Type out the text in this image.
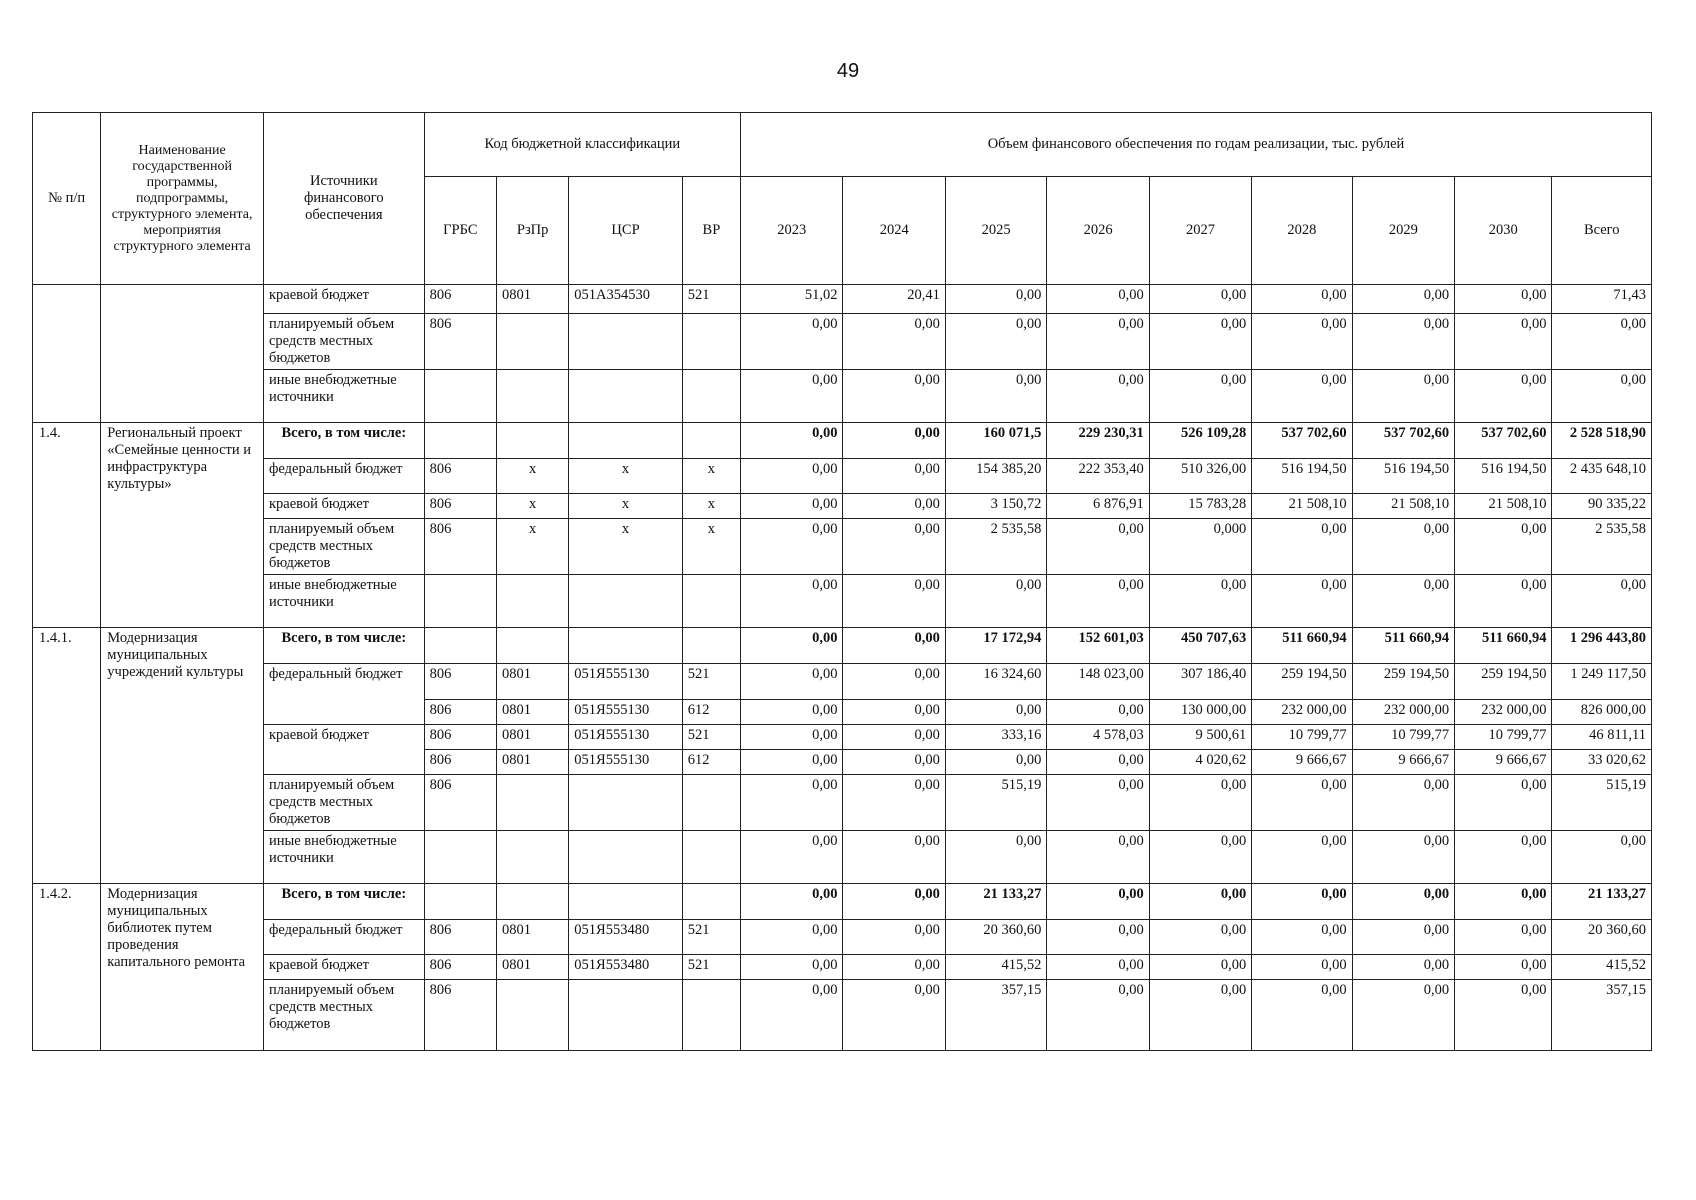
49
№ п/п	Наименование государственной программы, подпрограммы, структурного элемента, мероприятия структурного элемента	Источники финансового обеспечения	Код бюджетной классификации				Объем финансового обеспечения по годам реализации, тыс. рублей								
			ГРБС	РзПр	ЦСР	ВР	2023	2024	2025	2026	2027	2028	2029	2030	Всего
		краевой бюджет	806	0801	051А354530	521	51,02	20,41	0,00	0,00	0,00	0,00	0,00	0,00	71,43
		планируемый объем средств местных бюджетов	806				0,00	0,00	0,00	0,00	0,00	0,00	0,00	0,00	0,00
		иные внебюджетные источники					0,00	0,00	0,00	0,00	0,00	0,00	0,00	0,00	0,00
1.4.	Региональный проект «Семейные ценности и инфраструктура культуры»	Всего, в том числе:					0,00	0,00	160 071,5	229 230,31	526 109,28	537 702,60	537 702,60	537 702,60	2 528 518,90
		федеральный бюджет	806	х	х	х	0,00	0,00	154 385,20	222 353,40	510 326,00	516 194,50	516 194,50	516 194,50	2 435 648,10
		краевой бюджет	806	х	х	х	0,00	0,00	3 150,72	6 876,91	15 783,28	21 508,10	21 508,10	21 508,10	90 335,22
		планируемый объем средств местных бюджетов	806	х	х	х	0,00	0,00	2 535,58	0,00	0,000	0,00	0,00	0,00	2 535,58
		иные внебюджетные источники					0,00	0,00	0,00	0,00	0,00	0,00	0,00	0,00	0,00
1.4.1.	Модернизация муниципальных учреждений культуры	Всего, в том числе:					0,00	0,00	17 172,94	152 601,03	450 707,63	511 660,94	511 660,94	511 660,94	1 296 443,80
		федеральный бюджет	806	0801	051Я555130	521	0,00	0,00	16 324,60	148 023,00	307 186,40	259 194,50	259 194,50	259 194,50	1 249 117,50
			806	0801	051Я555130	612	0,00	0,00	0,00	0,00	130 000,00	232 000,00	232 000,00	232 000,00	826 000,00
		краевой бюджет	806	0801	051Я555130	521	0,00	0,00	333,16	4 578,03	9 500,61	10 799,77	10 799,77	10 799,77	46 811,11
			806	0801	051Я555130	612	0,00	0,00	0,00	0,00	4 020,62	9 666,67	9 666,67	9 666,67	33 020,62
		планируемый объем средств местных бюджетов	806				0,00	0,00	515,19	0,00	0,00	0,00	0,00	0,00	515,19
		иные внебюджетные источники					0,00	0,00	0,00	0,00	0,00	0,00	0,00	0,00	0,00
1.4.2.	Модернизация муниципальных библиотек путем проведения капитального ремонта	Всего, в том числе:					0,00	0,00	21 133,27	0,00	0,00	0,00	0,00	0,00	21 133,27
		федеральный бюджет	806	0801	051Я553480	521	0,00	0,00	20 360,60	0,00	0,00	0,00	0,00	0,00	20 360,60
		краевой бюджет	806	0801	051Я553480	521	0,00	0,00	415,52	0,00	0,00	0,00	0,00	0,00	415,52
		планируемый объем средств местных бюджетов	806				0,00	0,00	357,15	0,00	0,00	0,00	0,00	0,00	357,15
